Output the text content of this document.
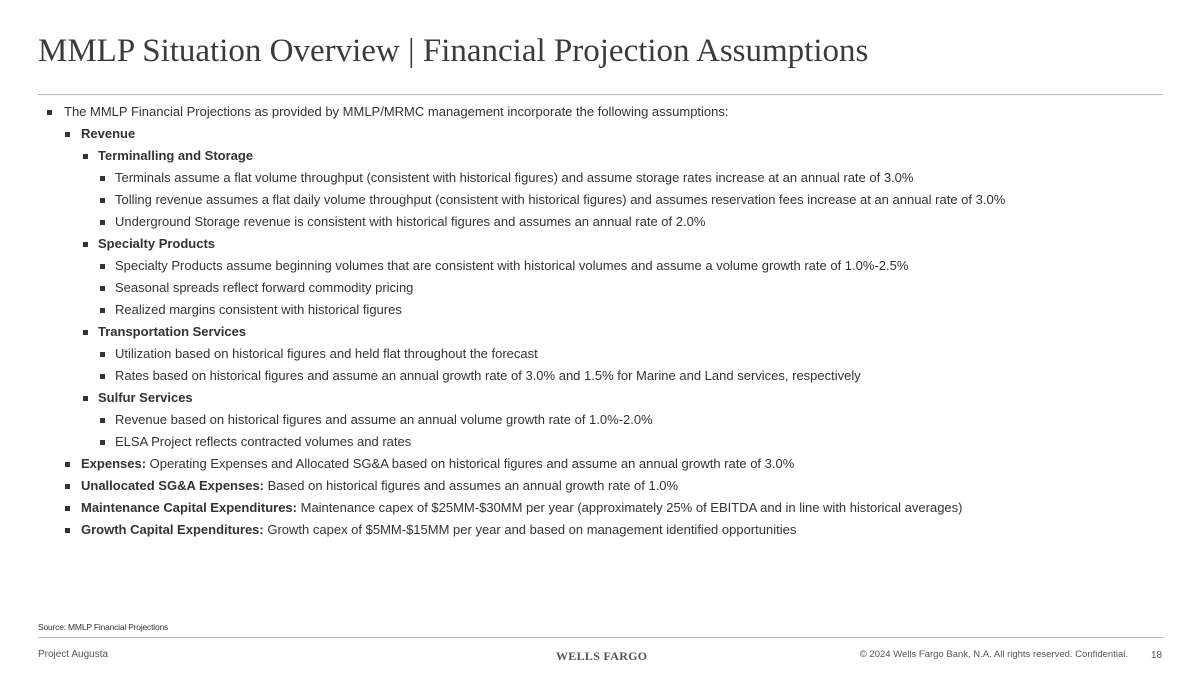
MMLP Situation Overview | Financial Projection Assumptions
The MMLP Financial Projections as provided by MMLP/MRMC management incorporate the following assumptions:
Revenue
Terminalling and Storage
Terminals assume a flat volume throughput (consistent with historical figures) and assume storage rates increase at an annual rate of 3.0%
Tolling revenue assumes a flat daily volume throughput (consistent with historical figures) and assumes reservation fees increase at an annual rate of 3.0%
Underground Storage revenue is consistent with historical figures and assumes an annual rate of 2.0%
Specialty Products
Specialty Products assume beginning volumes that are consistent with historical volumes and assume a volume growth rate of 1.0%-2.5%
Seasonal spreads reflect forward commodity pricing
Realized margins consistent with historical figures
Transportation Services
Utilization based on historical figures and held flat throughout the forecast
Rates based on historical figures and assume an annual growth rate of 3.0% and 1.5% for Marine and Land services, respectively
Sulfur Services
Revenue based on historical figures and assume an annual volume growth rate of 1.0%-2.0%
ELSA Project reflects contracted volumes and rates
Expenses: Operating Expenses and Allocated SG&A based on historical figures and assume an annual growth rate of 3.0%
Unallocated SG&A Expenses: Based on historical figures and assumes an annual growth rate of 1.0%
Maintenance Capital Expenditures: Maintenance capex of $25MM-$30MM per year (approximately 25% of EBITDA and in line with historical averages)
Growth Capital Expenditures: Growth capex of $5MM-$15MM per year and based on management identified opportunities
Source: MMLP Financial Projections
Project Augusta	WELLS FARGO	© 2024 Wells Fargo Bank, N.A. All rights reserved. Confidential. 18
